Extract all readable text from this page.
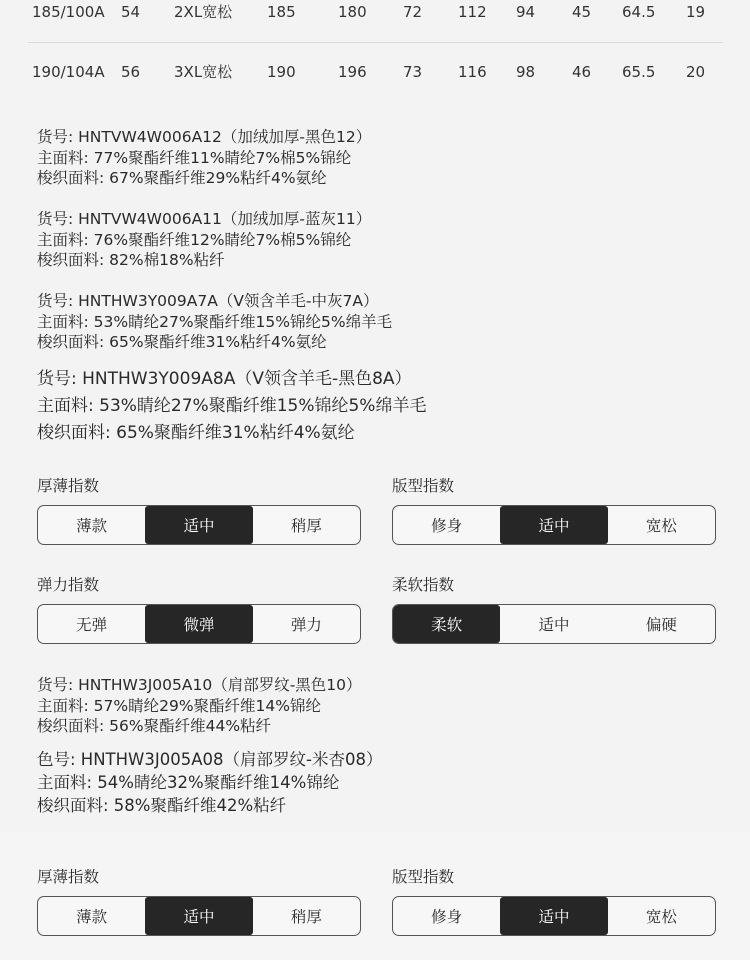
185/100A 54 2XL宽松 185	180 72 112 94 45 64.5 19
190/104A 56 3XL宽松 190	196 73 116 98 46 65.5 20
货号: HNTVW4W006A12（加绒加厚-黑色12）
主面料: 77%聚酯纤维11%睛纶7%棉5%锦纶
梭织面料: 67%聚酯纤维29%粘纤4%氨纶
货号: HNTVW4W006A11（加绒加厚-蓝灰11）
主面料: 76%聚酯纤维12%睛纶7%棉5%锦纶
梭织面料: 82%棉18%粘纤
货号: HNTHW3Y009A7A（V领含羊毛-中灰7A）
主面料: 53%睛纶27%聚酯纤维15%锦纶5%绵羊毛
梭织面料: 65%聚酯纤维31%粘纤4%氨纶
货号: HNTHW3Y009A8A（V领含羊毛-黑色8A）
主面料: 53%睛纶27%聚酯纤维15%锦纶5%绵羊毛
梭织面料: 65%聚酯纤维31%粘纤4%氨纶
厚薄指数
薄款	适中	稍厚
版型指数
修身	适中	宽松
弹力指数
无弹	微弹	弹力
柔软指数
柔软	适中	偏硬
货号: HNTHW3J005A10（肩部罗纹-黑色10）
主面料: 57%睛纶29%聚酯纤维14%锦纶
梭织面料: 56%聚酯纤维44%粘纤
色号: HNTHW3J005A08（肩部罗纹-米杏08）
主面料: 54%睛纶32%聚酯纤维14%锦纶
梭织面料: 58%聚酯纤维42%粘纤
厚薄指数
薄款	适中	稍厚
版型指数
修身	适中	宽松
